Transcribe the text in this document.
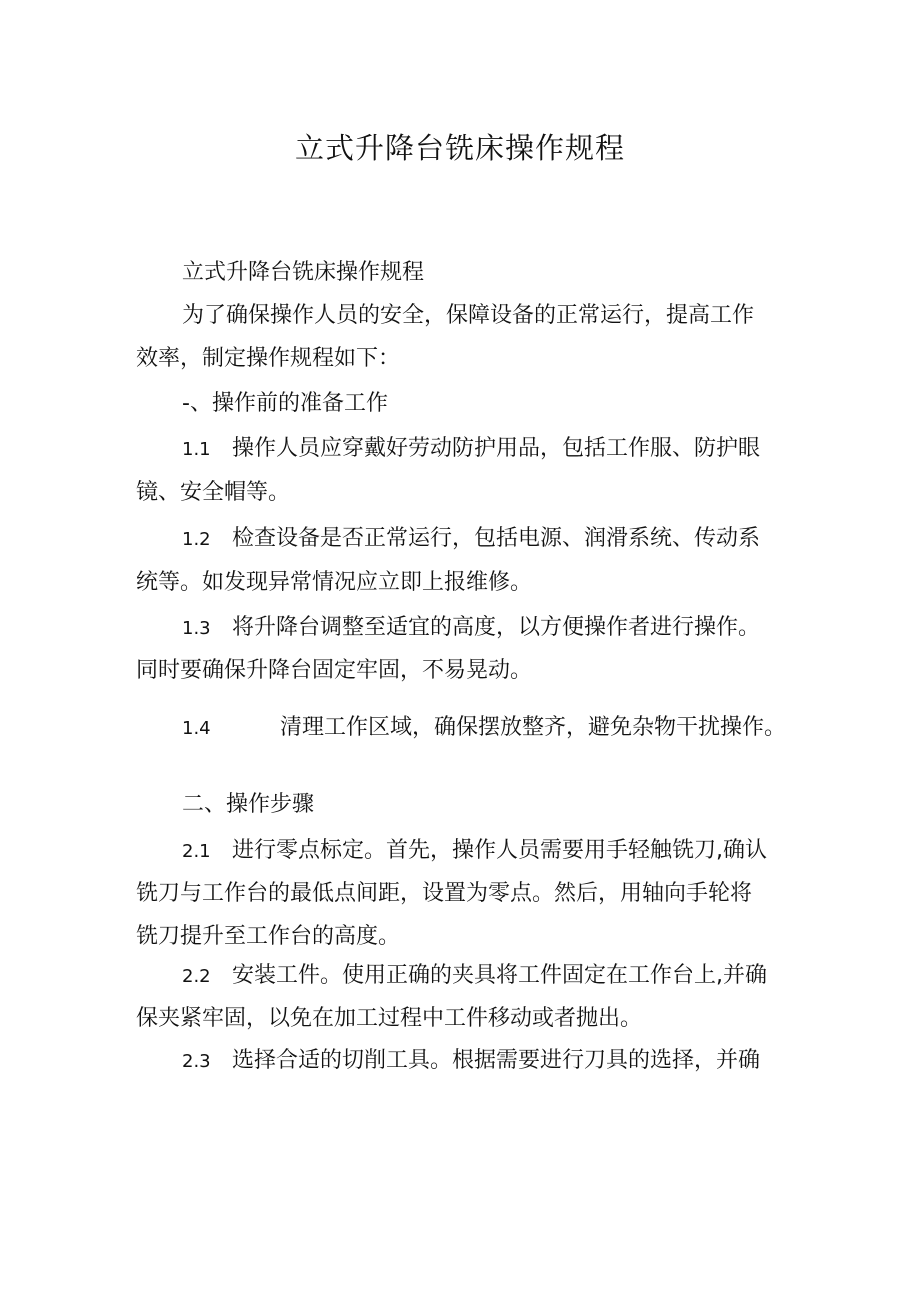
立式升降台铣床操作规程
立式升降台铣床操作规程
为了确保操作人员的安全，保障设备的正常运行，提高工作
效率，制定操作规程如下：
-、操作前的准备工作
1.1 操作人员应穿戴好劳动防护用品，包括工作服、防护眼
镜、安全帽等。
1.2 检查设备是否正常运行，包括电源、润滑系统、传动系
统等。如发现异常情况应立即上报维修。
1.3 将升降台调整至适宜的高度，以方便操作者进行操作。
同时要确保升降台固定牢固，不易晃动。
1.4	清理工作区域，确保摆放整齐，避免杂物干扰操作。
二、操作步骤
2.1 进行零点标定。首先，操作人员需要用手轻触铣刀,确认
铣刀与工作台的最低点间距，设置为零点。然后，用轴向手轮将
铣刀提升至工作台的高度。
2.2 安装工件。使用正确的夹具将工件固定在工作台上,并确
保夹紧牢固，以免在加工过程中工件移动或者抛出。
2.3 选择合适的切削工具。根据需要进行刀具的选择，并确
